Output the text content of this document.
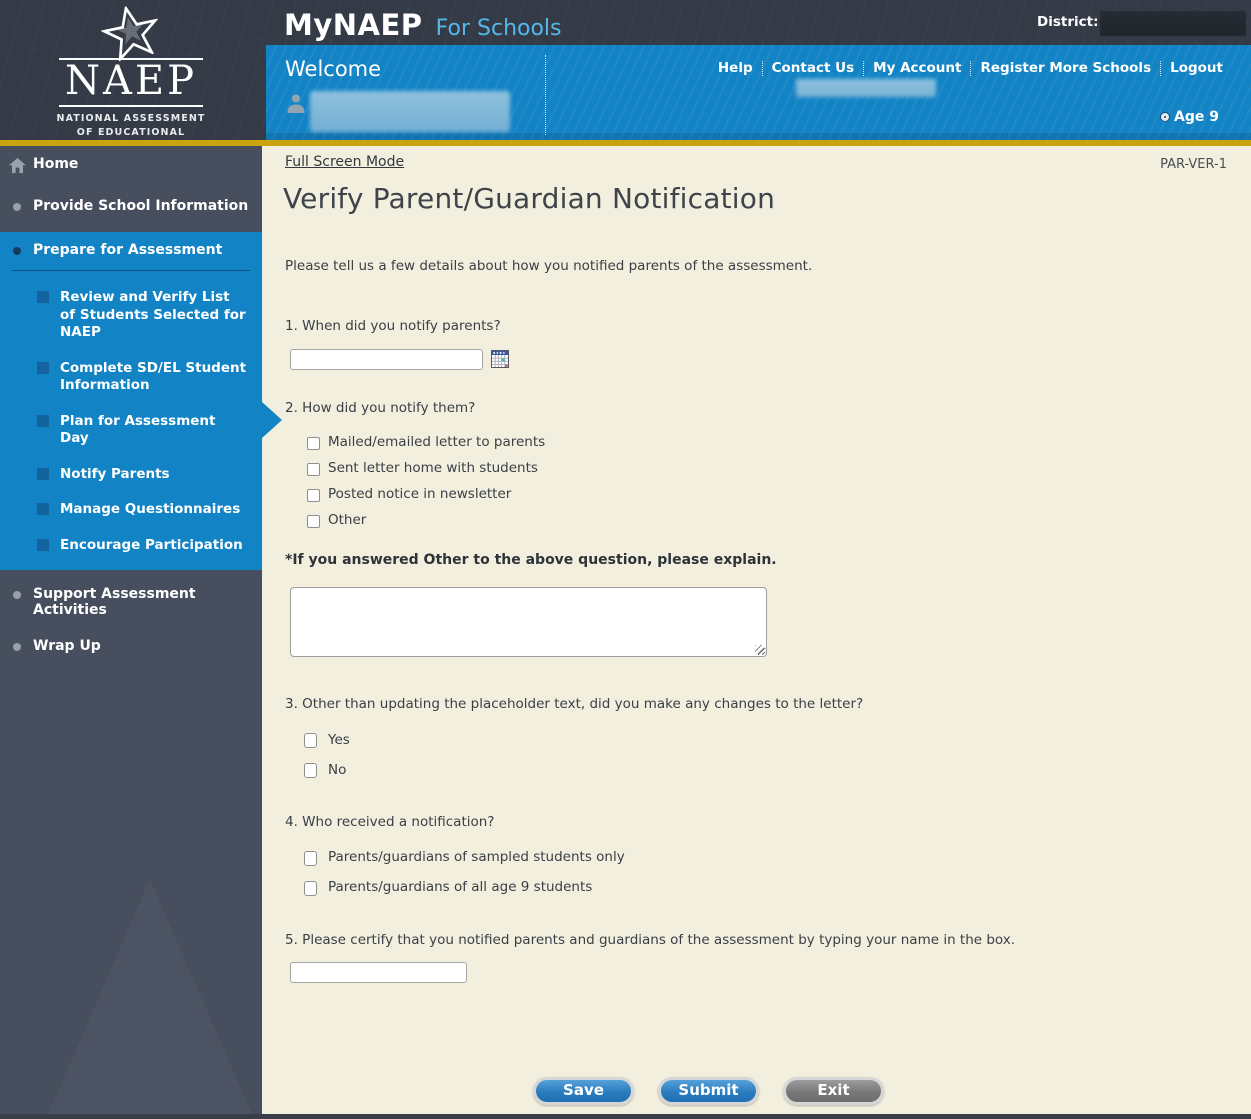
NAEP
NATIONAL ASSESSMENT
OF EDUCATIONAL
MyNAEP For Schools	District:
Welcome	Help Contact Us My Account Register More Schools Logout
Age 9
Home
Provide School Information
Prepare for Assessment
Review and Verify List of Students Selected for NAEP
Complete SD/EL Student Information
Plan for Assessment Day
Notify Parents
Manage Questionnaires
Encourage Participation
Support Assessment Activities
Wrap Up
Full Screen Mode	PAR-VER-1
Verify Parent/Guardian Notification
Please tell us a few details about how you notified parents of the assessment.
1. When did you notify parents?
2. How did you notify them?
Mailed/emailed letter to parents
Sent letter home with students
Posted notice in newsletter
Other
*If you answered Other to the above question, please explain.
3. Other than updating the placeholder text, did you make any changes to the letter?
Yes
No
4. Who received a notification?
Parents/guardians of sampled students only
Parents/guardians of all age 9 students
5. Please certify that you notified parents and guardians of the assessment by typing your name in the box.
Save	Submit	Exit
